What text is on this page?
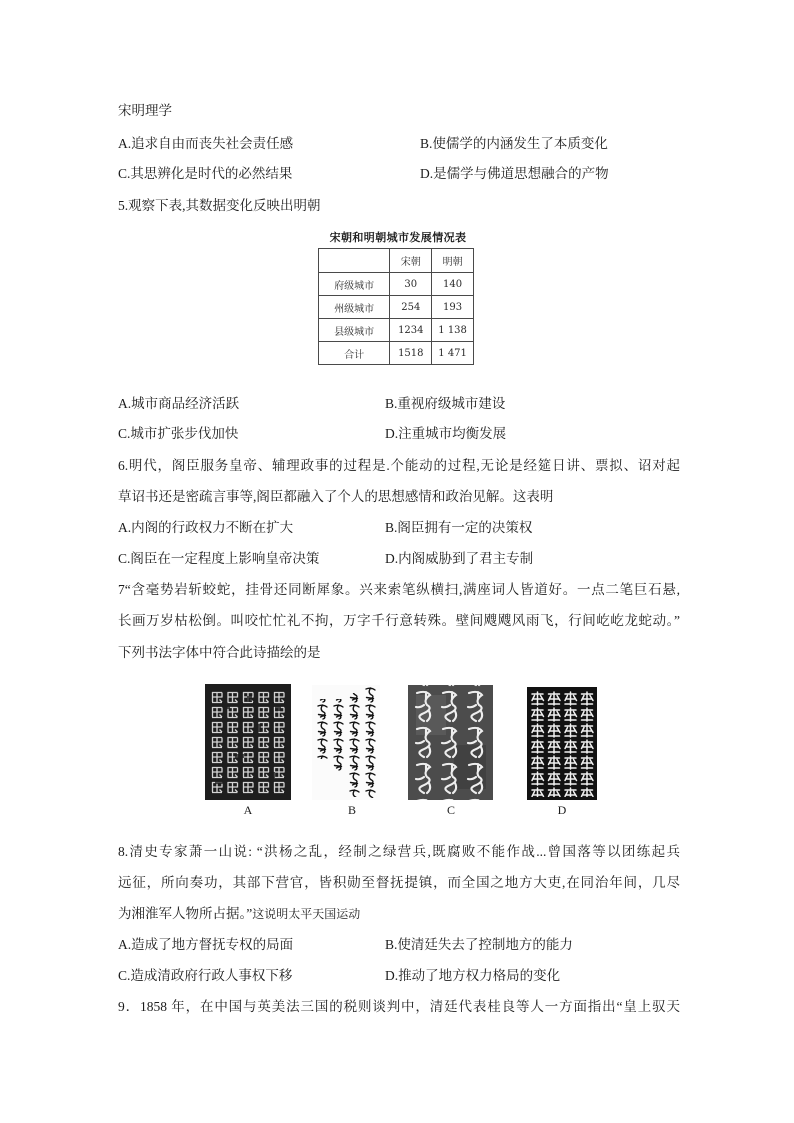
宋明理学
A.追求自由而丧失社会责任感	B.使儒学的内涵发生了本质变化
C.其思辨化是时代的必然结果	D.是儒学与佛道思想融合的产物
5.观察下表,其数据变化反映出明朝
宋朝和明朝城市发展情况表
	宋朝	明朝
府级城市	30	140
州级城市	254	193
县级城市	1234	1 138
合计	1518	1 471
A.城市商品经济活跃	B.重视府级城市建设
C.城市扩张步伐加快	D.注重城市均衡发展
6.明代，阁臣服务皇帝、辅理政事的过程是.个能动的过程,无论是经筵日讲、票拟、诏对起
草诏书还是密疏言事等,阁臣都融入了个人的思想感情和政治见解。这表明
A.内阁的行政权力不断在扩大	B.阁臣拥有一定的决策权
C.阁臣在一定程度上影响皇帝决策	D.内阁威胁到了君主专制
7“含毫势岩斩蛟蛇，挂骨还同断犀象。兴来索笔纵横扫,满座词人皆道好。一点二笔巨石悬,
长画万岁枯松倒。叫咬忙忙礼不拘，万字千行意转殊。壁间飕飕风雨飞，行间屹屹龙蛇动。”
下列书法字体中符合此诗描绘的是
A	B	C	D
8.清史专家萧一山说: “洪杨之乱，经制之绿营兵,既腐败不能作战...曾国落等以团练起兵
远征，所向奏功，其部下营官，皆积勋至督抚提镇，而全国之地方大吏,在同治年间，几尽
为湘淮军人物所占据。”这说明太平天国运动
A.造成了地方督抚专权的局面	B.使清廷失去了控制地方的能力
C.造成清政府行政人事权下移	D.推动了地方权力格局的变化
9．1858 年，在中国与英美法三国的税则谈判中，清廷代表桂良等人一方面指出“皇上驭天
